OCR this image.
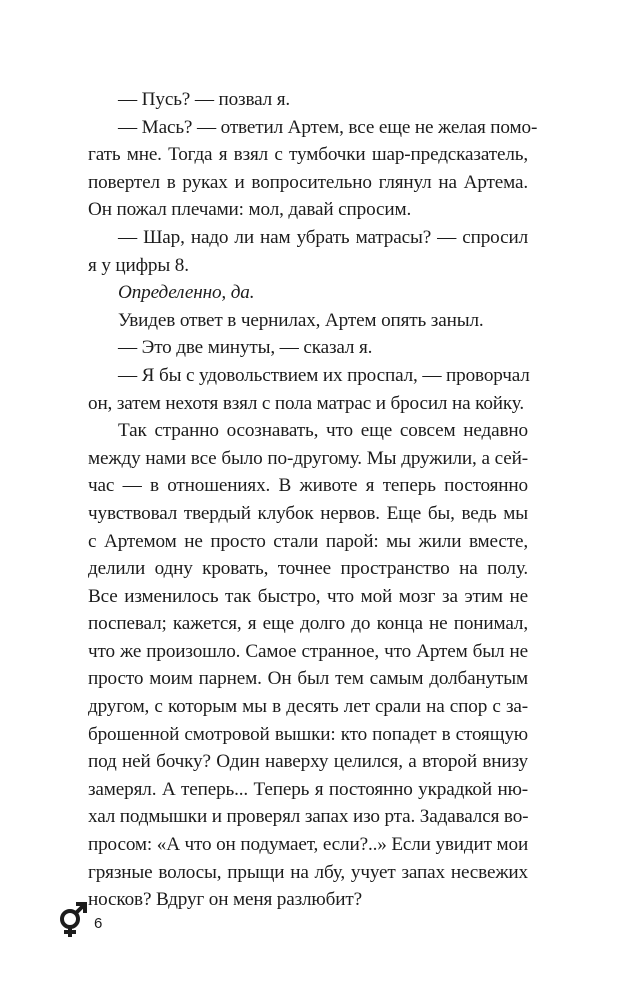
— Пусь? — позвал я.
— Мась? — ответил Артем, все еще не желая помо-
гать мне. Тогда я взял с тумбочки шар-предсказатель,
повертел в руках и вопросительно глянул на Артема.
Он пожал плечами: мол, давай спросим.
— Шар, надо ли нам убрать матрасы? — спросил
я у цифры 8.
Определенно, да.
Увидев ответ в чернилах, Артем опять заныл.
— Это две минуты, — сказал я.
— Я бы с удовольствием их проспал, — проворчал
он, затем нехотя взял с пола матрас и бросил на койку.
Так странно осознавать, что еще совсем недавно
между нами все было по-другому. Мы дружили, а сей-
час — в отношениях. В животе я теперь постоянно
чувствовал твердый клубок нервов. Еще бы, ведь мы
с Артемом не просто стали парой: мы жили вместе,
делили одну кровать, точнее пространство на полу.
Все изменилось так быстро, что мой мозг за этим не
поспевал; кажется, я еще долго до конца не понимал,
что же произошло. Самое странное, что Артем был не
просто моим парнем. Он был тем самым долбанутым
другом, с которым мы в десять лет срали на спор с за-
брошенной смотровой вышки: кто попадет в стоящую
под ней бочку? Один наверху целился, а второй внизу
замерял. А теперь... Теперь я постоянно украдкой ню-
хал подмышки и проверял запах изо рта. Задавался во-
просом: «А что он подумает, если?..» Если увидит мои
грязные волосы, прыщи на лбу, учует запах несвежих
носков? Вдруг он меня разлюбит?
6
